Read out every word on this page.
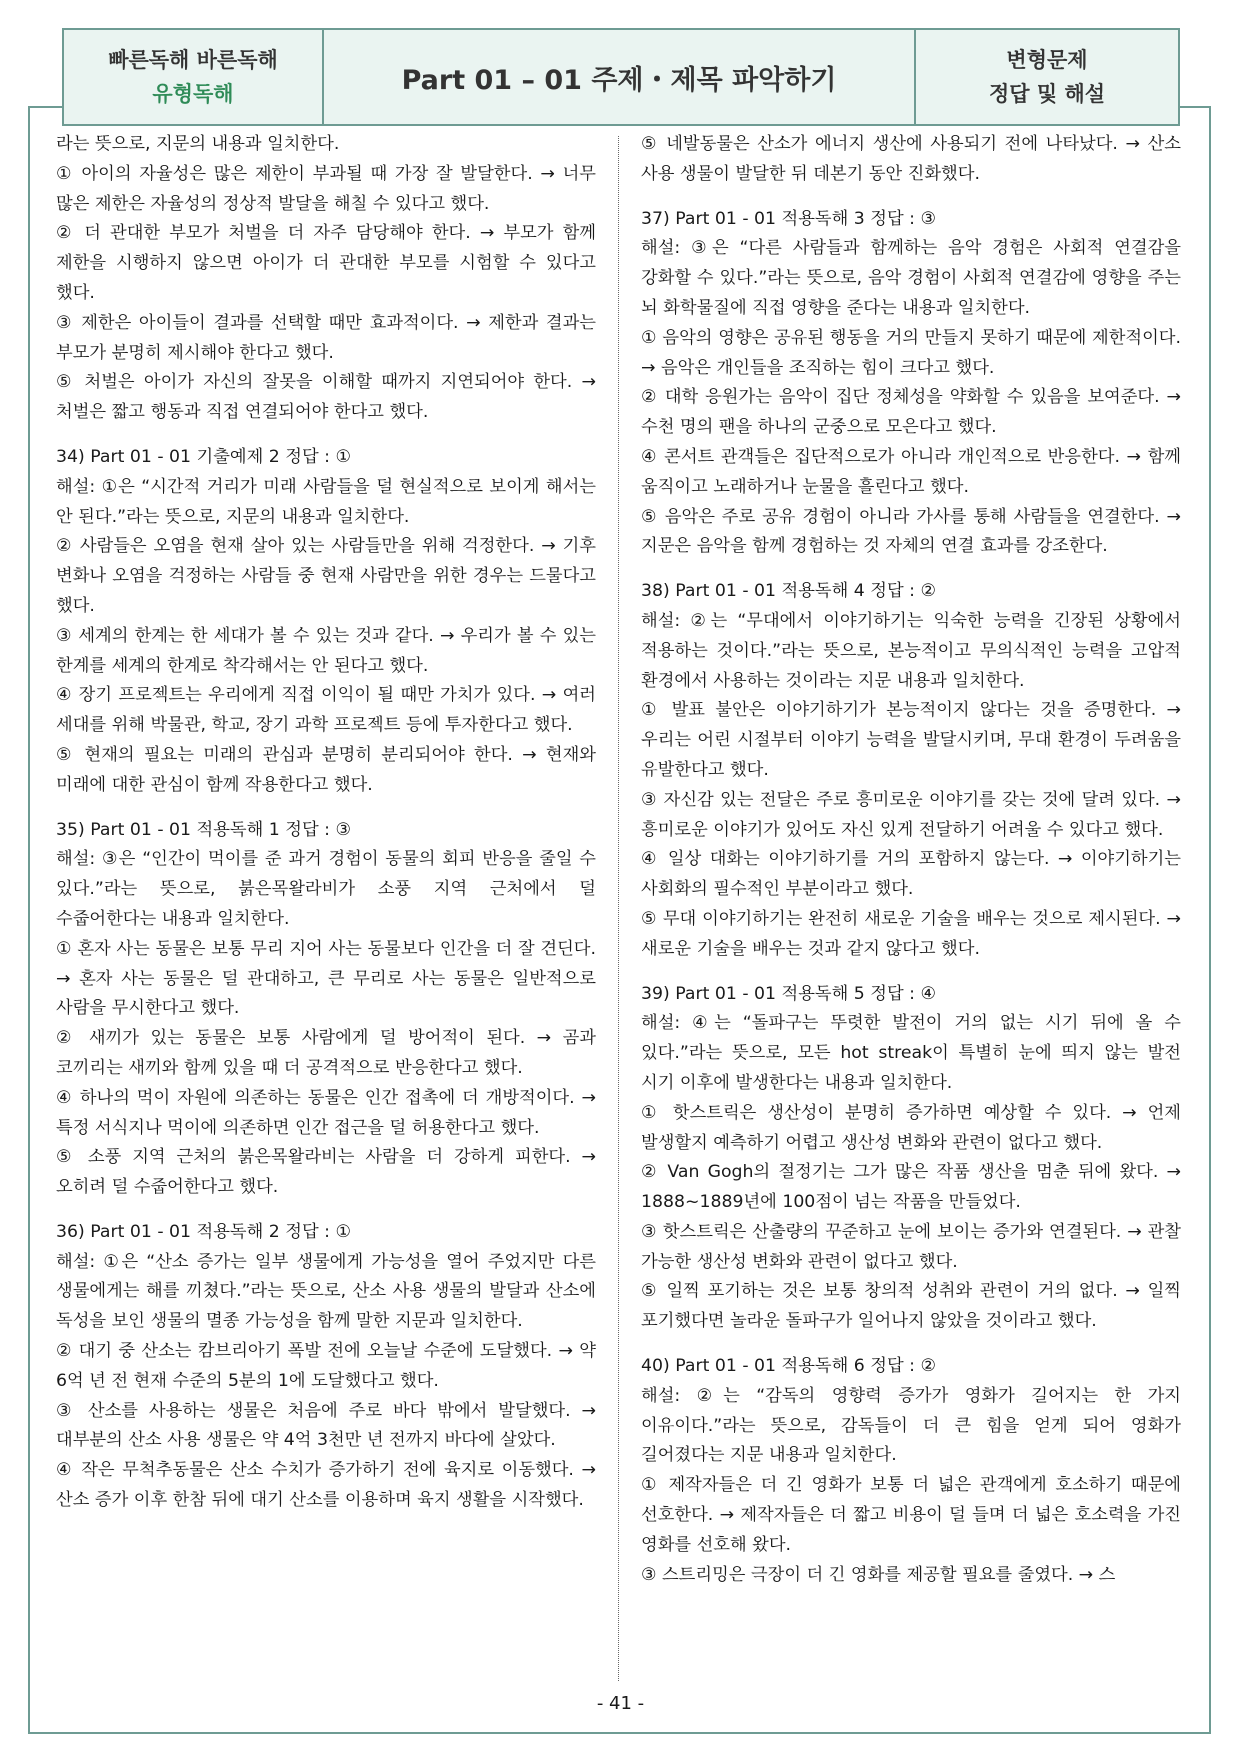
빠른독해 바른독해
유형독해	Part 01 – 01 주제・제목 파악하기
변형문제
정답 및 해설

라는 뜻으로, 지문의 내용과 일치한다.

① 아이의 자율성은 많은 제한이 부과될 때 가장 잘 발달한다. → 너무 많은 제한은 자율성의 정상적 발달을 해칠 수 있다고 했다.

② 더 관대한 부모가 처벌을 더 자주 담당해야 한다. → 부모가 함께 제한을 시행하지 않으면 아이가 더 관대한 부모를 시험할 수 있다고 했다.

③ 제한은 아이들이 결과를 선택할 때만 효과적이다. → 제한과 결과는 부모가 분명히 제시해야 한다고 했다.

⑤ 처벌은 아이가 자신의 잘못을 이해할 때까지 지연되어야 한다. → 처벌은 짧고 행동과 직접 연결되어야 한다고 했다.

34) Part 01 - 01 기출예제 2 정답 : ①

해설: ①은 “시간적 거리가 미래 사람들을 덜 현실적으로 보이게 해서는 안 된다.”라는 뜻으로, 지문의 내용과 일치한다.

② 사람들은 오염을 현재 살아 있는 사람들만을 위해 걱정한다. → 기후 변화나 오염을 걱정하는 사람들 중 현재 사람만을 위한 경우는 드물다고 했다.

③ 세계의 한계는 한 세대가 볼 수 있는 것과 같다. → 우리가 볼 수 있는 한계를 세계의 한계로 착각해서는 안 된다고 했다.

④ 장기 프로젝트는 우리에게 직접 이익이 될 때만 가치가 있다. → 여러 세대를 위해 박물관, 학교, 장기 과학 프로젝트 등에 투자한다고 했다.

⑤ 현재의 필요는 미래의 관심과 분명히 분리되어야 한다. → 현재와 미래에 대한 관심이 함께 작용한다고 했다.

35) Part 01 - 01 적용독해 1 정답 : ③

해설: ③은 “인간이 먹이를 준 과거 경험이 동물의 회피 반응을 줄일 수 있다.”라는 뜻으로, 붉은목왈라비가 소풍 지역 근처에서 덜 수줍어한다는 내용과 일치한다.

① 혼자 사는 동물은 보통 무리 지어 사는 동물보다 인간을 더 잘 견딘다. → 혼자 사는 동물은 덜 관대하고, 큰 무리로 사는 동물은 일반적으로 사람을 무시한다고 했다.

② 새끼가 있는 동물은 보통 사람에게 덜 방어적이 된다. → 곰과 코끼리는 새끼와 함께 있을 때 더 공격적으로 반응한다고 했다.

④ 하나의 먹이 자원에 의존하는 동물은 인간 접촉에 더 개방적이다. → 특정 서식지나 먹이에 의존하면 인간 접근을 덜 허용한다고 했다.

⑤ 소풍 지역 근처의 붉은목왈라비는 사람을 더 강하게 피한다. → 오히려 덜 수줍어한다고 했다.

36) Part 01 - 01 적용독해 2 정답 : ①

해설: ①은 “산소 증가는 일부 생물에게 가능성을 열어 주었지만 다른 생물에게는 해를 끼쳤다.”라는 뜻으로, 산소 사용 생물의 발달과 산소에 독성을 보인 생물의 멸종 가능성을 함께 말한 지문과 일치한다.

② 대기 중 산소는 캄브리아기 폭발 전에 오늘날 수준에 도달했다. → 약 6억 년 전 현재 수준의 5분의 1에 도달했다고 했다.

③ 산소를 사용하는 생물은 처음에 주로 바다 밖에서 발달했다. → 대부분의 산소 사용 생물은 약 4억 3천만 년 전까지 바다에 살았다.

④ 작은 무척추동물은 산소 수치가 증가하기 전에 육지로 이동했다. → 산소 증가 이후 한참 뒤에 대기 산소를 이용하며 육지 생활을 시작했다.

⑤ 네발동물은 산소가 에너지 생산에 사용되기 전에 나타났다. → 산소 사용 생물이 발달한 뒤 데본기 동안 진화했다.

37) Part 01 - 01 적용독해 3 정답 : ③

해설: ③은 “다른 사람들과 함께하는 음악 경험은 사회적 연결감을 강화할 수 있다.”라는 뜻으로, 음악 경험이 사회적 연결감에 영향을 주는 뇌 화학물질에 직접 영향을 준다는 내용과 일치한다.

① 음악의 영향은 공유된 행동을 거의 만들지 못하기 때문에 제한적이다. → 음악은 개인들을 조직하는 힘이 크다고 했다.

② 대학 응원가는 음악이 집단 정체성을 약화할 수 있음을 보여준다. → 수천 명의 팬을 하나의 군중으로 모은다고 했다.

④ 콘서트 관객들은 집단적으로가 아니라 개인적으로 반응한다. → 함께 움직이고 노래하거나 눈물을 흘린다고 했다.

⑤ 음악은 주로 공유 경험이 아니라 가사를 통해 사람들을 연결한다. → 지문은 음악을 함께 경험하는 것 자체의 연결 효과를 강조한다.

38) Part 01 - 01 적용독해 4 정답 : ②

해설: ②는 “무대에서 이야기하기는 익숙한 능력을 긴장된 상황에서 적용하는 것이다.”라는 뜻으로, 본능적이고 무의식적인 능력을 고압적 환경에서 사용하는 것이라는 지문 내용과 일치한다.

① 발표 불안은 이야기하기가 본능적이지 않다는 것을 증명한다. → 우리는 어린 시절부터 이야기 능력을 발달시키며, 무대 환경이 두려움을 유발한다고 했다.

③ 자신감 있는 전달은 주로 흥미로운 이야기를 갖는 것에 달려 있다. → 흥미로운 이야기가 있어도 자신 있게 전달하기 어려울 수 있다고 했다.

④ 일상 대화는 이야기하기를 거의 포함하지 않는다. → 이야기하기는 사회화의 필수적인 부분이라고 했다.

⑤ 무대 이야기하기는 완전히 새로운 기술을 배우는 것으로 제시된다. → 새로운 기술을 배우는 것과 같지 않다고 했다.

39) Part 01 - 01 적용독해 5 정답 : ④

해설: ④는 “돌파구는 뚜렷한 발전이 거의 없는 시기 뒤에 올 수 있다.”라는 뜻으로, 모든 hot streak이 특별히 눈에 띄지 않는 발전 시기 이후에 발생한다는 내용과 일치한다.

① 핫스트릭은 생산성이 분명히 증가하면 예상할 수 있다. → 언제 발생할지 예측하기 어렵고 생산성 변화와 관련이 없다고 했다.

② Van Gogh의 절정기는 그가 많은 작품 생산을 멈춘 뒤에 왔다. → 1888~1889년에 100점이 넘는 작품을 만들었다.

③ 핫스트릭은 산출량의 꾸준하고 눈에 보이는 증가와 연결된다. → 관찰 가능한 생산성 변화와 관련이 없다고 했다.

⑤ 일찍 포기하는 것은 보통 창의적 성취와 관련이 거의 없다. → 일찍 포기했다면 놀라운 돌파구가 일어나지 않았을 것이라고 했다.

40) Part 01 - 01 적용독해 6 정답 : ②

해설: ②는 “감독의 영향력 증가가 영화가 길어지는 한 가지 이유이다.”라는 뜻으로, 감독들이 더 큰 힘을 얻게 되어 영화가 길어졌다는 지문 내용과 일치한다.

① 제작자들은 더 긴 영화가 보통 더 넓은 관객에게 호소하기 때문에 선호한다. → 제작자들은 더 짧고 비용이 덜 들며 더 넓은 호소력을 가진 영화를 선호해 왔다.

③ 스트리밍은 극장이 더 긴 영화를 제공할 필요를 줄였다. → 스

- 41 -
